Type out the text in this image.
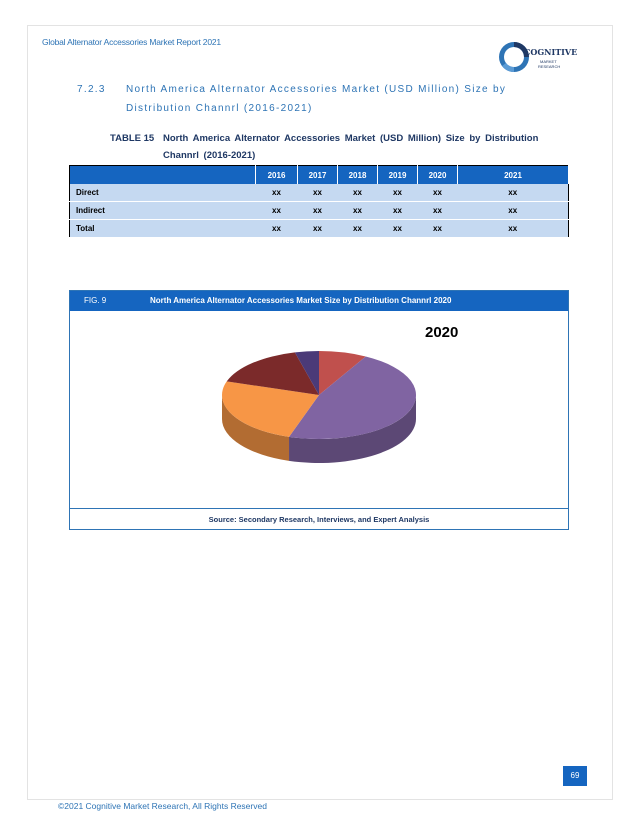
Global Alternator Accessories Market Report 2021
COGNITIVE
MARKET
RESEARCH
7.2.3 North America Alternator Accessories Market (USD Million) Size by Distribution Channrl (2016-2021)
TABLE 15 North America Alternator Accessories Market (USD Million) Size by Distribution Channrl (2016-2021)
	2016	2017	2018	2019	2020	2021
Direct	xx	xx	xx	xx	xx	xx
Indirect	xx	xx	xx	xx	xx	xx
Total	xx	xx	xx	xx	xx	xx
FIG. 9	North America Alternator Accessories Market Size by Distribution Channrl 2020
2020
Source: Secondary Research, Interviews, and Expert Analysis
69
©2021 Cognitive Market Research, All Rights Reserved
